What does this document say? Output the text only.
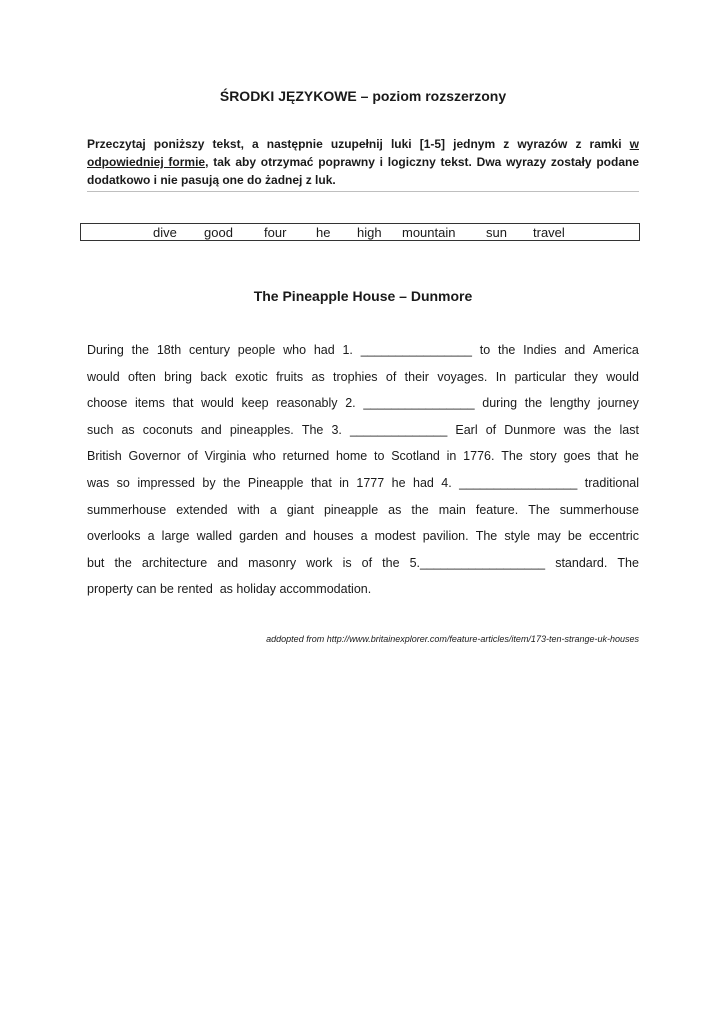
ŚRODKI JĘZYKOWE – poziom rozszerzony
Przeczytaj poniższy tekst, a następnie uzupełnij luki [1-5] jednym z wyrazów z ramki w odpowiedniej formie, tak aby otrzymać poprawny i logiczny tekst. Dwa wyrazy zostały podane dodatkowo i nie pasują one do żadnej z luk.
dive good four he high mountain sun travel
The Pineapple House – Dunmore
During the 18th century people who had 1. ________________ to the Indies and America
would often bring back exotic fruits as trophies of their voyages. In particular they would
choose items that would keep reasonably 2. ________________ during the lengthy journey
such as coconuts and pineapples. The 3. ______________ Earl of Dunmore was the last
British Governor of Virginia who returned home to Scotland in 1776. The story goes that he
was so impressed by the Pineapple that in 1777 he had 4. _________________ traditional
summerhouse extended with a giant pineapple as the main feature. The summerhouse
overlooks a large walled garden and houses a modest pavilion. The style may be eccentric
but the architecture and masonry work is of the 5.__________________ standard. The
property can be rented  as holiday accommodation.
addopted from http://www.britainexplorer.com/feature-articles/item/173-ten-strange-uk-houses
